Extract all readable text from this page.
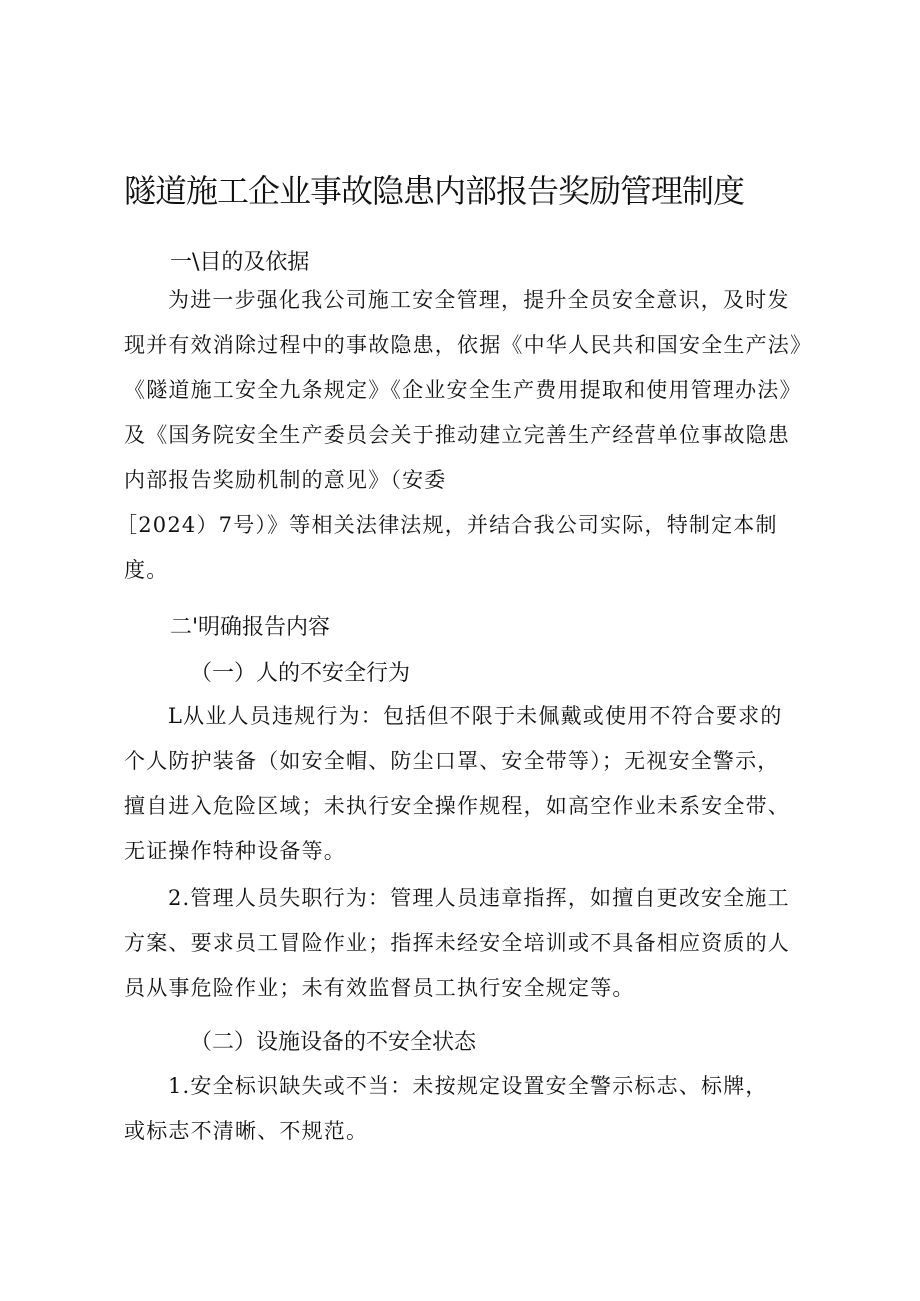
隧道施工企业事故隐患内部报告奖励管理制度
一\目的及依据
为进一步强化我公司施工安全管理，提升全员安全意识，及时发
现并有效消除过程中的事故隐患，依据《中华人民共和国安全生产法》
《隧道施工安全九条规定》《企业安全生产费用提取和使用管理办法》
及《国务院安全生产委员会关于推动建立完善生产经营单位事故隐患
内部报告奖励机制的意见》（安委
［2024）7号）》等相关法律法规，并结合我公司实际，特制定本制
度。
二'明确报告内容
（一）人的不安全行为
L从业人员违规行为：包括但不限于未佩戴或使用不符合要求的
个人防护装备（如安全帽、防尘口罩、安全带等）；无视安全警示，
擅自进入危险区域；未执行安全操作规程，如高空作业未系安全带、
无证操作特种设备等。
2.管理人员失职行为：管理人员违章指挥，如擅自更改安全施工
方案、要求员工冒险作业；指挥未经安全培训或不具备相应资质的人
员从事危险作业；未有效监督员工执行安全规定等。
（二）设施设备的不安全状态
1.安全标识缺失或不当：未按规定设置安全警示标志、标牌，
或标志不清晰、不规范。
